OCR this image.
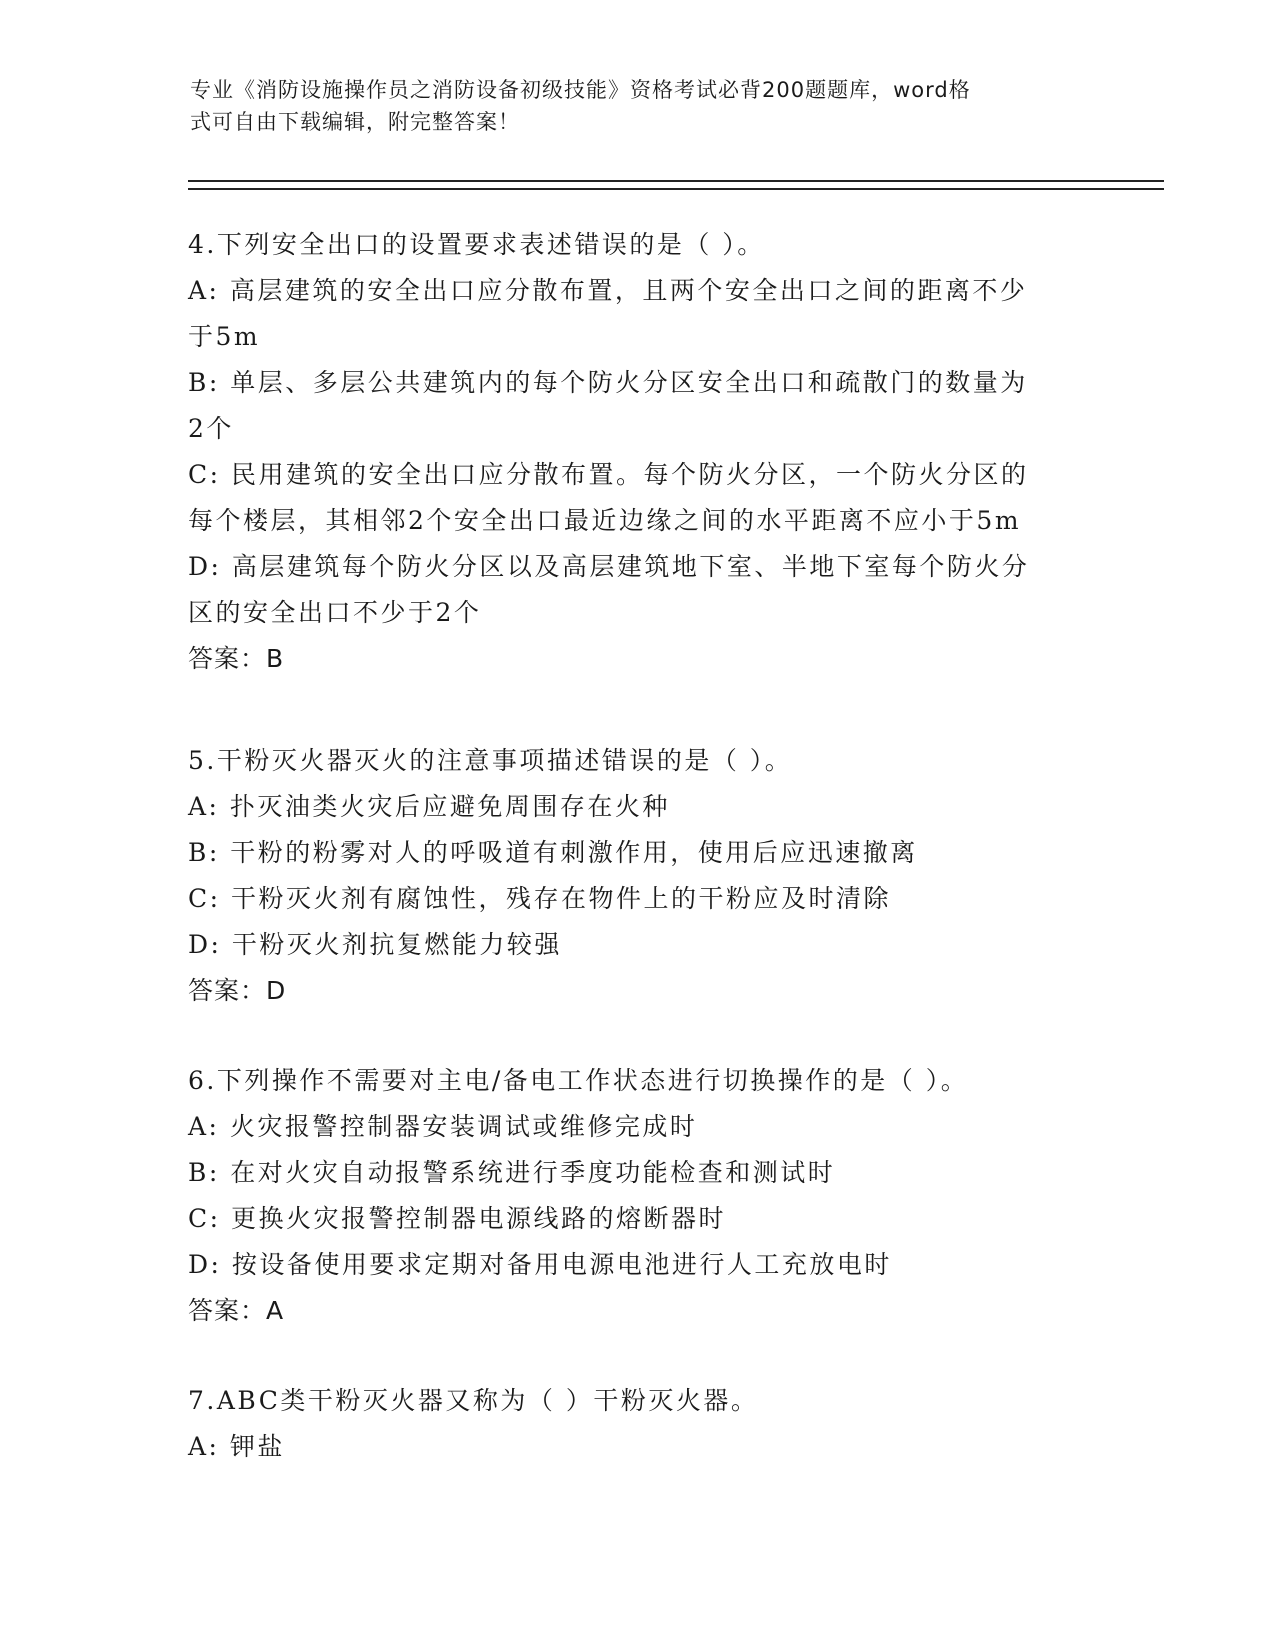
专业《消防设施操作员之消防设备初级技能》资格考试必背200题题库，word格
式可自由下载编辑，附完整答案！
4.下列安全出口的设置要求表述错误的是（ ）。
A: 高层建筑的安全出口应分散布置，且两个安全出口之间的距离不少
于5m
B: 单层、多层公共建筑内的每个防火分区安全出口和疏散门的数量为
2个
C: 民用建筑的安全出口应分散布置。每个防火分区，一个防火分区的
每个楼层，其相邻2个安全出口最近边缘之间的水平距离不应小于5m
D: 高层建筑每个防火分区以及高层建筑地下室、半地下室每个防火分
区的安全出口不少于2个
答案：B
5.干粉灭火器灭火的注意事项描述错误的是（ ）。
A: 扑灭油类火灾后应避免周围存在火种
B: 干粉的粉雾对人的呼吸道有刺激作用，使用后应迅速撤离
C: 干粉灭火剂有腐蚀性，残存在物件上的干粉应及时清除
D: 干粉灭火剂抗复燃能力较强
答案：D
6.下列操作不需要对主电/备电工作状态进行切换操作的是（ ）。
A: 火灾报警控制器安装调试或维修完成时
B: 在对火灾自动报警系统进行季度功能检查和测试时
C: 更换火灾报警控制器电源线路的熔断器时
D: 按设备使用要求定期对备用电源电池进行人工充放电时
答案：A
7.ABC类干粉灭火器又称为（ ）干粉灭火器。
A: 钾盐
